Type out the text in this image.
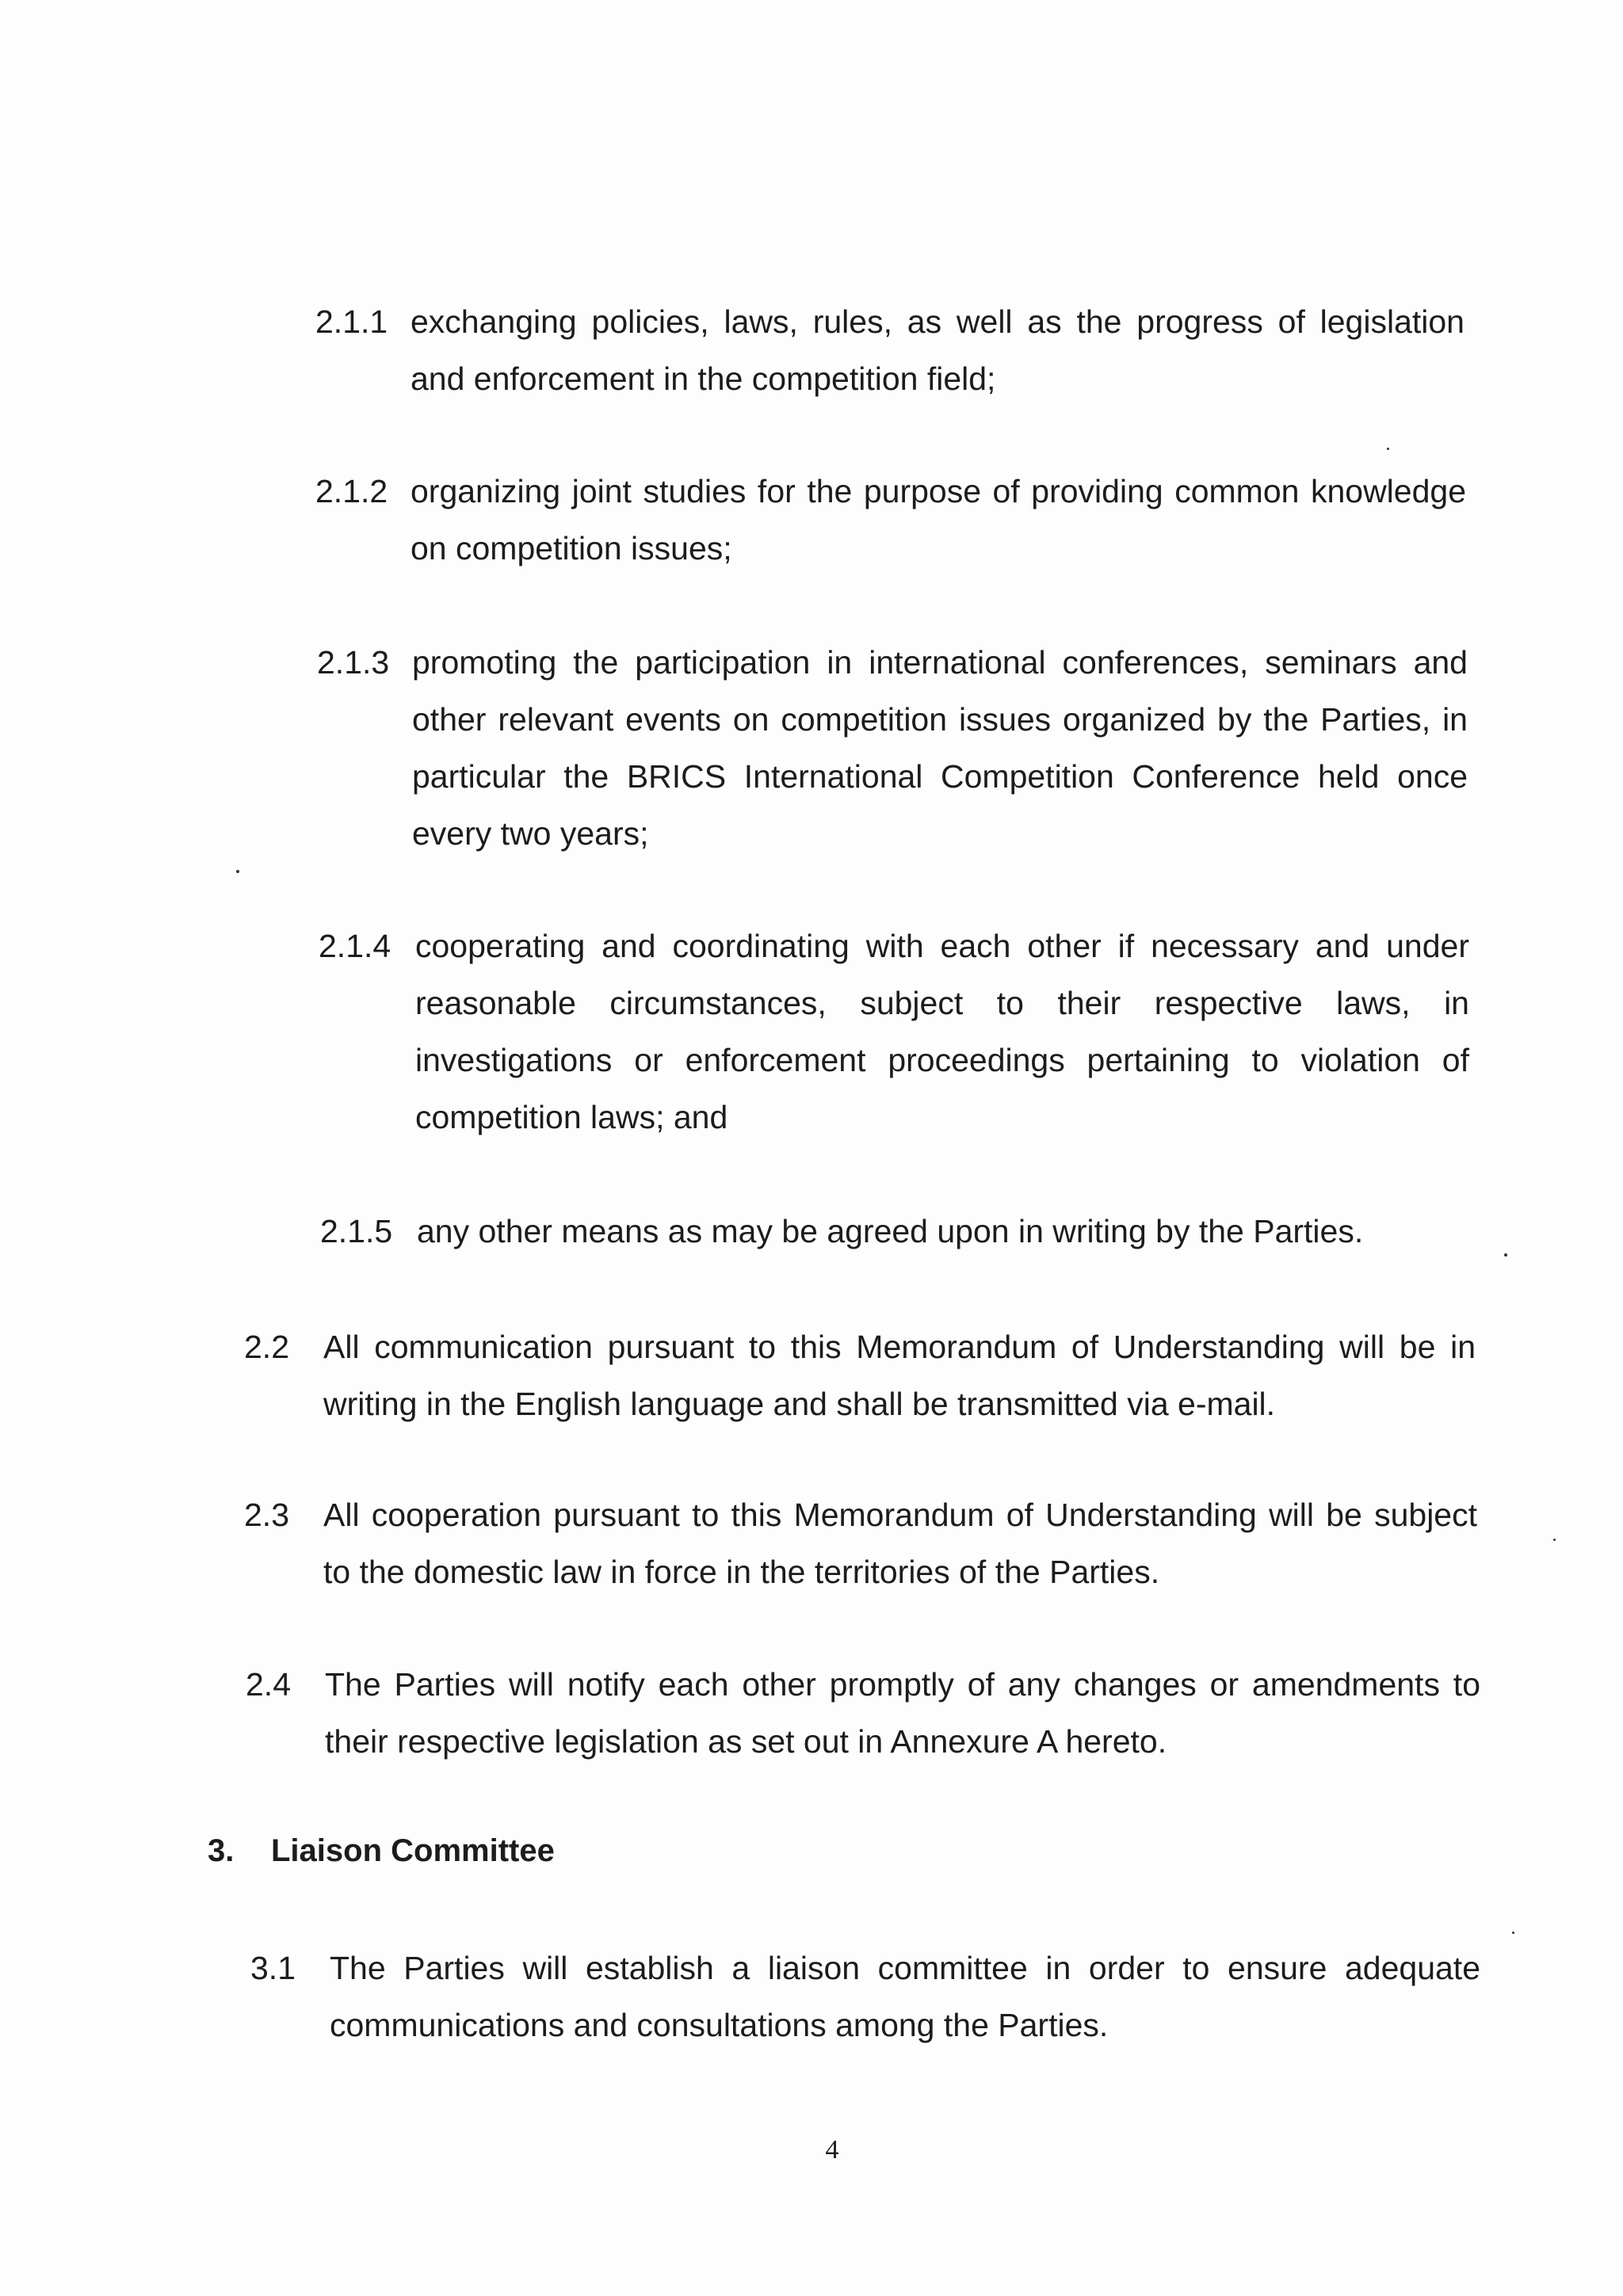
2.1.1 exchanging policies, laws, rules, as well as the progress of legislation and enforcement in the competition field;
2.1.2 organizing joint studies for the purpose of providing common knowledge on competition issues;
2.1.3 promoting the participation in international conferences, seminars and other relevant events on competition issues organized by the Parties, in particular the BRICS International Competition Conference held once every two years;
2.1.4 cooperating and coordinating with each other if necessary and under reasonable circumstances, subject to their respective laws, in investigations or enforcement proceedings pertaining to violation of competition laws; and
2.1.5 any other means as may be agreed upon in writing by the Parties.
2.2 All communication pursuant to this Memorandum of Understanding will be in writing in the English language and shall be transmitted via e-mail.
2.3 All cooperation pursuant to this Memorandum of Understanding will be subject to the domestic law in force in the territories of the Parties.
2.4 The Parties will notify each other promptly of any changes or amendments to their respective legislation as set out in Annexure A hereto.
3. Liaison Committee
3.1 The Parties will establish a liaison committee in order to ensure adequate communications and consultations among the Parties.
4
